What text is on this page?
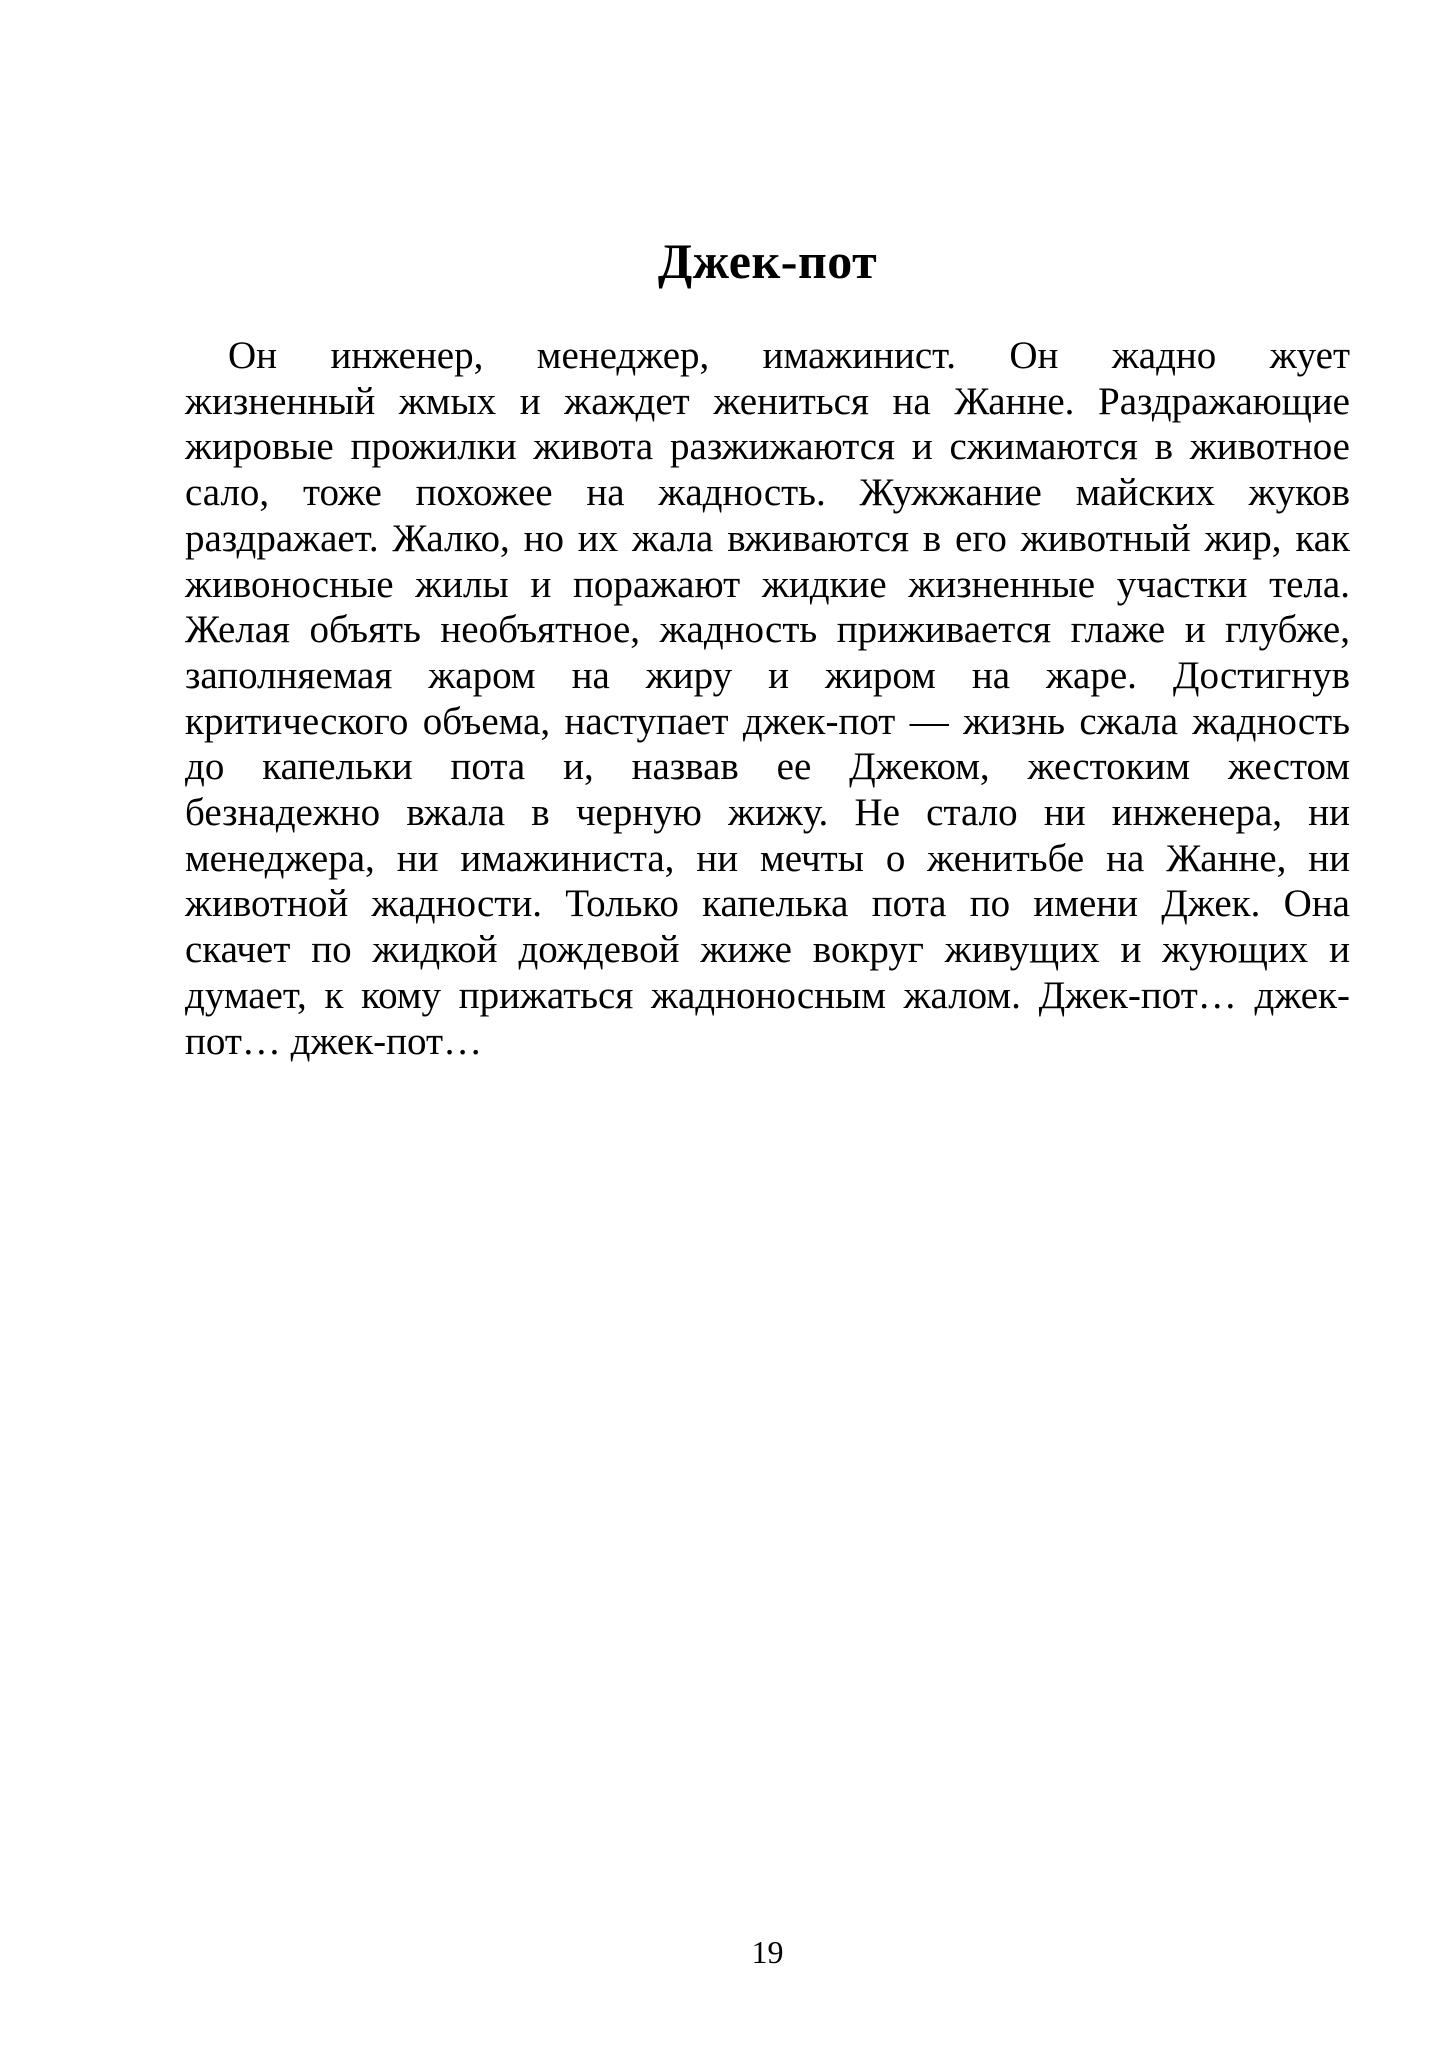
Джек-пот
Он инженер, менеджер, имажинист. Он жадно жует
жизненный жмых и жаждет жениться на Жанне. Раздражающие
жировые прожилки живота разжижаются и сжимаются в животное
сало, тоже похожее на жадность. Жужжание майских жуков
раздражает. Жалко, но их жала вживаются в его животный жир, как
живоносные жилы и поражают жидкие жизненные участки тела.
Желая объять необъятное, жадность приживается глаже и глубже,
заполняемая жаром на жиру и жиром на жаре. Достигнув
критического объема, наступает джек-пот — жизнь сжала жадность
до капельки пота и, назвав ее Джеком, жестоким жестом
безнадежно вжала в черную жижу. Не стало ни инженера, ни
менеджера, ни имажиниста, ни мечты о женитьбе на Жанне, ни
животной жадности. Только капелька пота по имени Джек. Она
скачет по жидкой дождевой жиже вокруг живущих и жующих и
думает, к кому прижаться жадноносным жалом. Джек-пот… джек-
пот… джек-пот…
19
